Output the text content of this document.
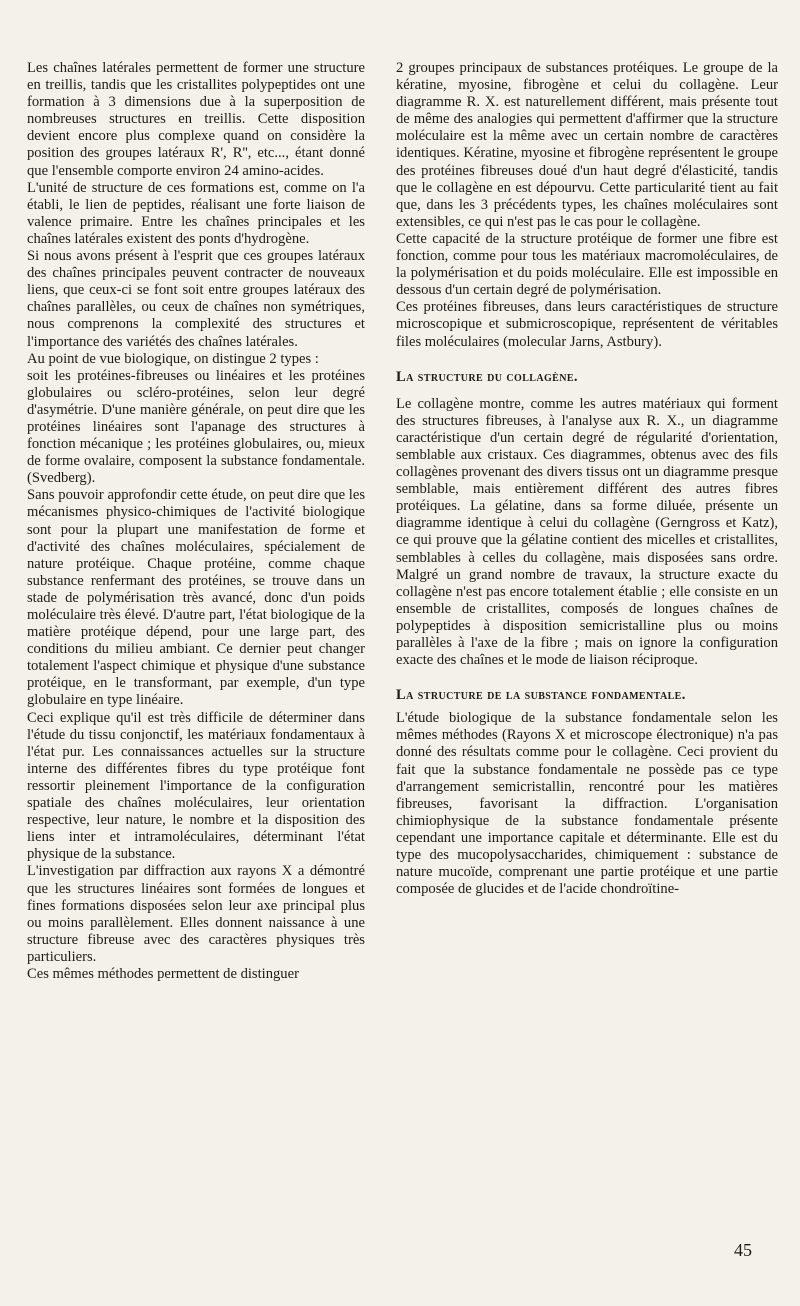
Les chaînes latérales permettent de former une structure en treillis, tandis que les cristallites polypeptides ont une formation à 3 dimensions due à la superposition de nombreuses structures en treillis. Cette disposition devient encore plus complexe quand on considère la position des groupes latéraux R', R'', etc..., étant donné que l'ensemble comporte environ 24 amino-acides.

L'unité de structure de ces formations est, comme on l'a établi, le lien de peptides, réalisant une forte liaison de valence primaire. Entre les chaînes principales et les chaînes latérales existent des ponts d'hydrogène.

Si nous avons présent à l'esprit que ces groupes latéraux des chaînes principales peuvent contracter de nouveaux liens, que ceux-ci se font soit entre groupes latéraux des chaînes parallèles, ou ceux de chaînes non symétriques, nous comprenons la complexité des structures et l'importance des variétés des chaînes latérales.

Au point de vue biologique, on distingue 2 types :

soit les protéines-fibreuses ou linéaires et les protéines globulaires ou scléro-protéines, selon leur degré d'asymétrie. D'une manière générale, on peut dire que les protéines linéaires sont l'apanage des structures à fonction mécanique ; les protéines globulaires, ou, mieux de forme ovalaire, composent la substance fondamentale. (Svedberg).

Sans pouvoir approfondir cette étude, on peut dire que les mécanismes physico-chimiques de l'activité biologique sont pour la plupart une manifestation de forme et d'activité des chaînes moléculaires, spécialement de nature protéique. Chaque protéine, comme chaque substance renfermant des protéines, se trouve dans un stade de polymérisation très avancé, donc d'un poids moléculaire très élevé. D'autre part, l'état biologique de la matière protéique dépend, pour une large part, des conditions du milieu ambiant. Ce dernier peut changer totalement l'aspect chimique et physique d'une substance protéique, en le transformant, par exemple, d'un type globulaire en type linéaire.

Ceci explique qu'il est très difficile de déterminer dans l'étude du tissu conjonctif, les matériaux fondamentaux à l'état pur. Les connaissances actuelles sur la structure interne des différentes fibres du type protéique font ressortir pleinement l'importance de la configuration spatiale des chaînes moléculaires, leur orientation respective, leur nature, le nombre et la disposition des liens inter et intramoléculaires, déterminant l'état physique de la substance.

L'investigation par diffraction aux rayons X a démontré que les structures linéaires sont formées de longues et fines formations disposées selon leur axe principal plus ou moins parallèlement. Elles donnent naissance à une structure fibreuse avec des caractères physiques très particuliers.

Ces mêmes méthodes permettent de distinguer

2 groupes principaux de substances protéiques. Le groupe de la kératine, myosine, fibrogène et celui du collagène. Leur diagramme R. X. est naturellement différent, mais présente tout de même des analogies qui permettent d'affirmer que la structure moléculaire est la même avec un certain nombre de caractères identiques. Kératine, myosine et fibrogène représentent le groupe des protéines fibreuses doué d'un haut degré d'élasticité, tandis que le collagène en est dépourvu. Cette particularité tient au fait que, dans les 3 précédents types, les chaînes moléculaires sont extensibles, ce qui n'est pas le cas pour le collagène.

Cette capacité de la structure protéique de former une fibre est fonction, comme pour tous les matériaux macromoléculaires, de la polymérisation et du poids moléculaire. Elle est impossible en dessous d'un certain degré de polymérisation.

Ces protéines fibreuses, dans leurs caractéristiques de structure microscopique et submicroscopique, représentent de véritables files moléculaires (molecular Jarns, Astbury).

La structure du collagène.

Le collagène montre, comme les autres matériaux qui forment des structures fibreuses, à l'analyse aux R. X., un diagramme caractéristique d'un certain degré de régularité d'orientation, semblable aux cristaux. Ces diagrammes, obtenus avec des fils collagènes provenant des divers tissus ont un diagramme presque semblable, mais entièrement différent des autres fibres protéiques. La gélatine, dans sa forme diluée, présente un diagramme identique à celui du collagène (Gerngross et Katz), ce qui prouve que la gélatine contient des micelles et cristallites, semblables à celles du collagène, mais disposées sans ordre. Malgré un grand nombre de travaux, la structure exacte du collagène n'est pas encore totalement établie ; elle consiste en un ensemble de cristallites, composés de longues chaînes de polypeptides à disposition semicristalline plus ou moins parallèles à l'axe de la fibre ; mais on ignore la configuration exacte des chaînes et le mode de liaison réciproque.

La structure de la substance fondamentale.

L'étude biologique de la substance fondamentale selon les mêmes méthodes (Rayons X et microscope électronique) n'a pas donné des résultats comme pour le collagène. Ceci provient du fait que la substance fondamentale ne possède pas ce type d'arrangement semicristallin, rencontré pour les matières fibreuses, favorisant la diffraction. L'organisation chimiophysique de la substance fondamentale présente cependant une importance capitale et déterminante. Elle est du type des mucopolysaccharides, chimiquement : substance de nature mucoïde, comprenant une partie protéique et une partie composée de glucides et de l'acide chondroïtine-

45
